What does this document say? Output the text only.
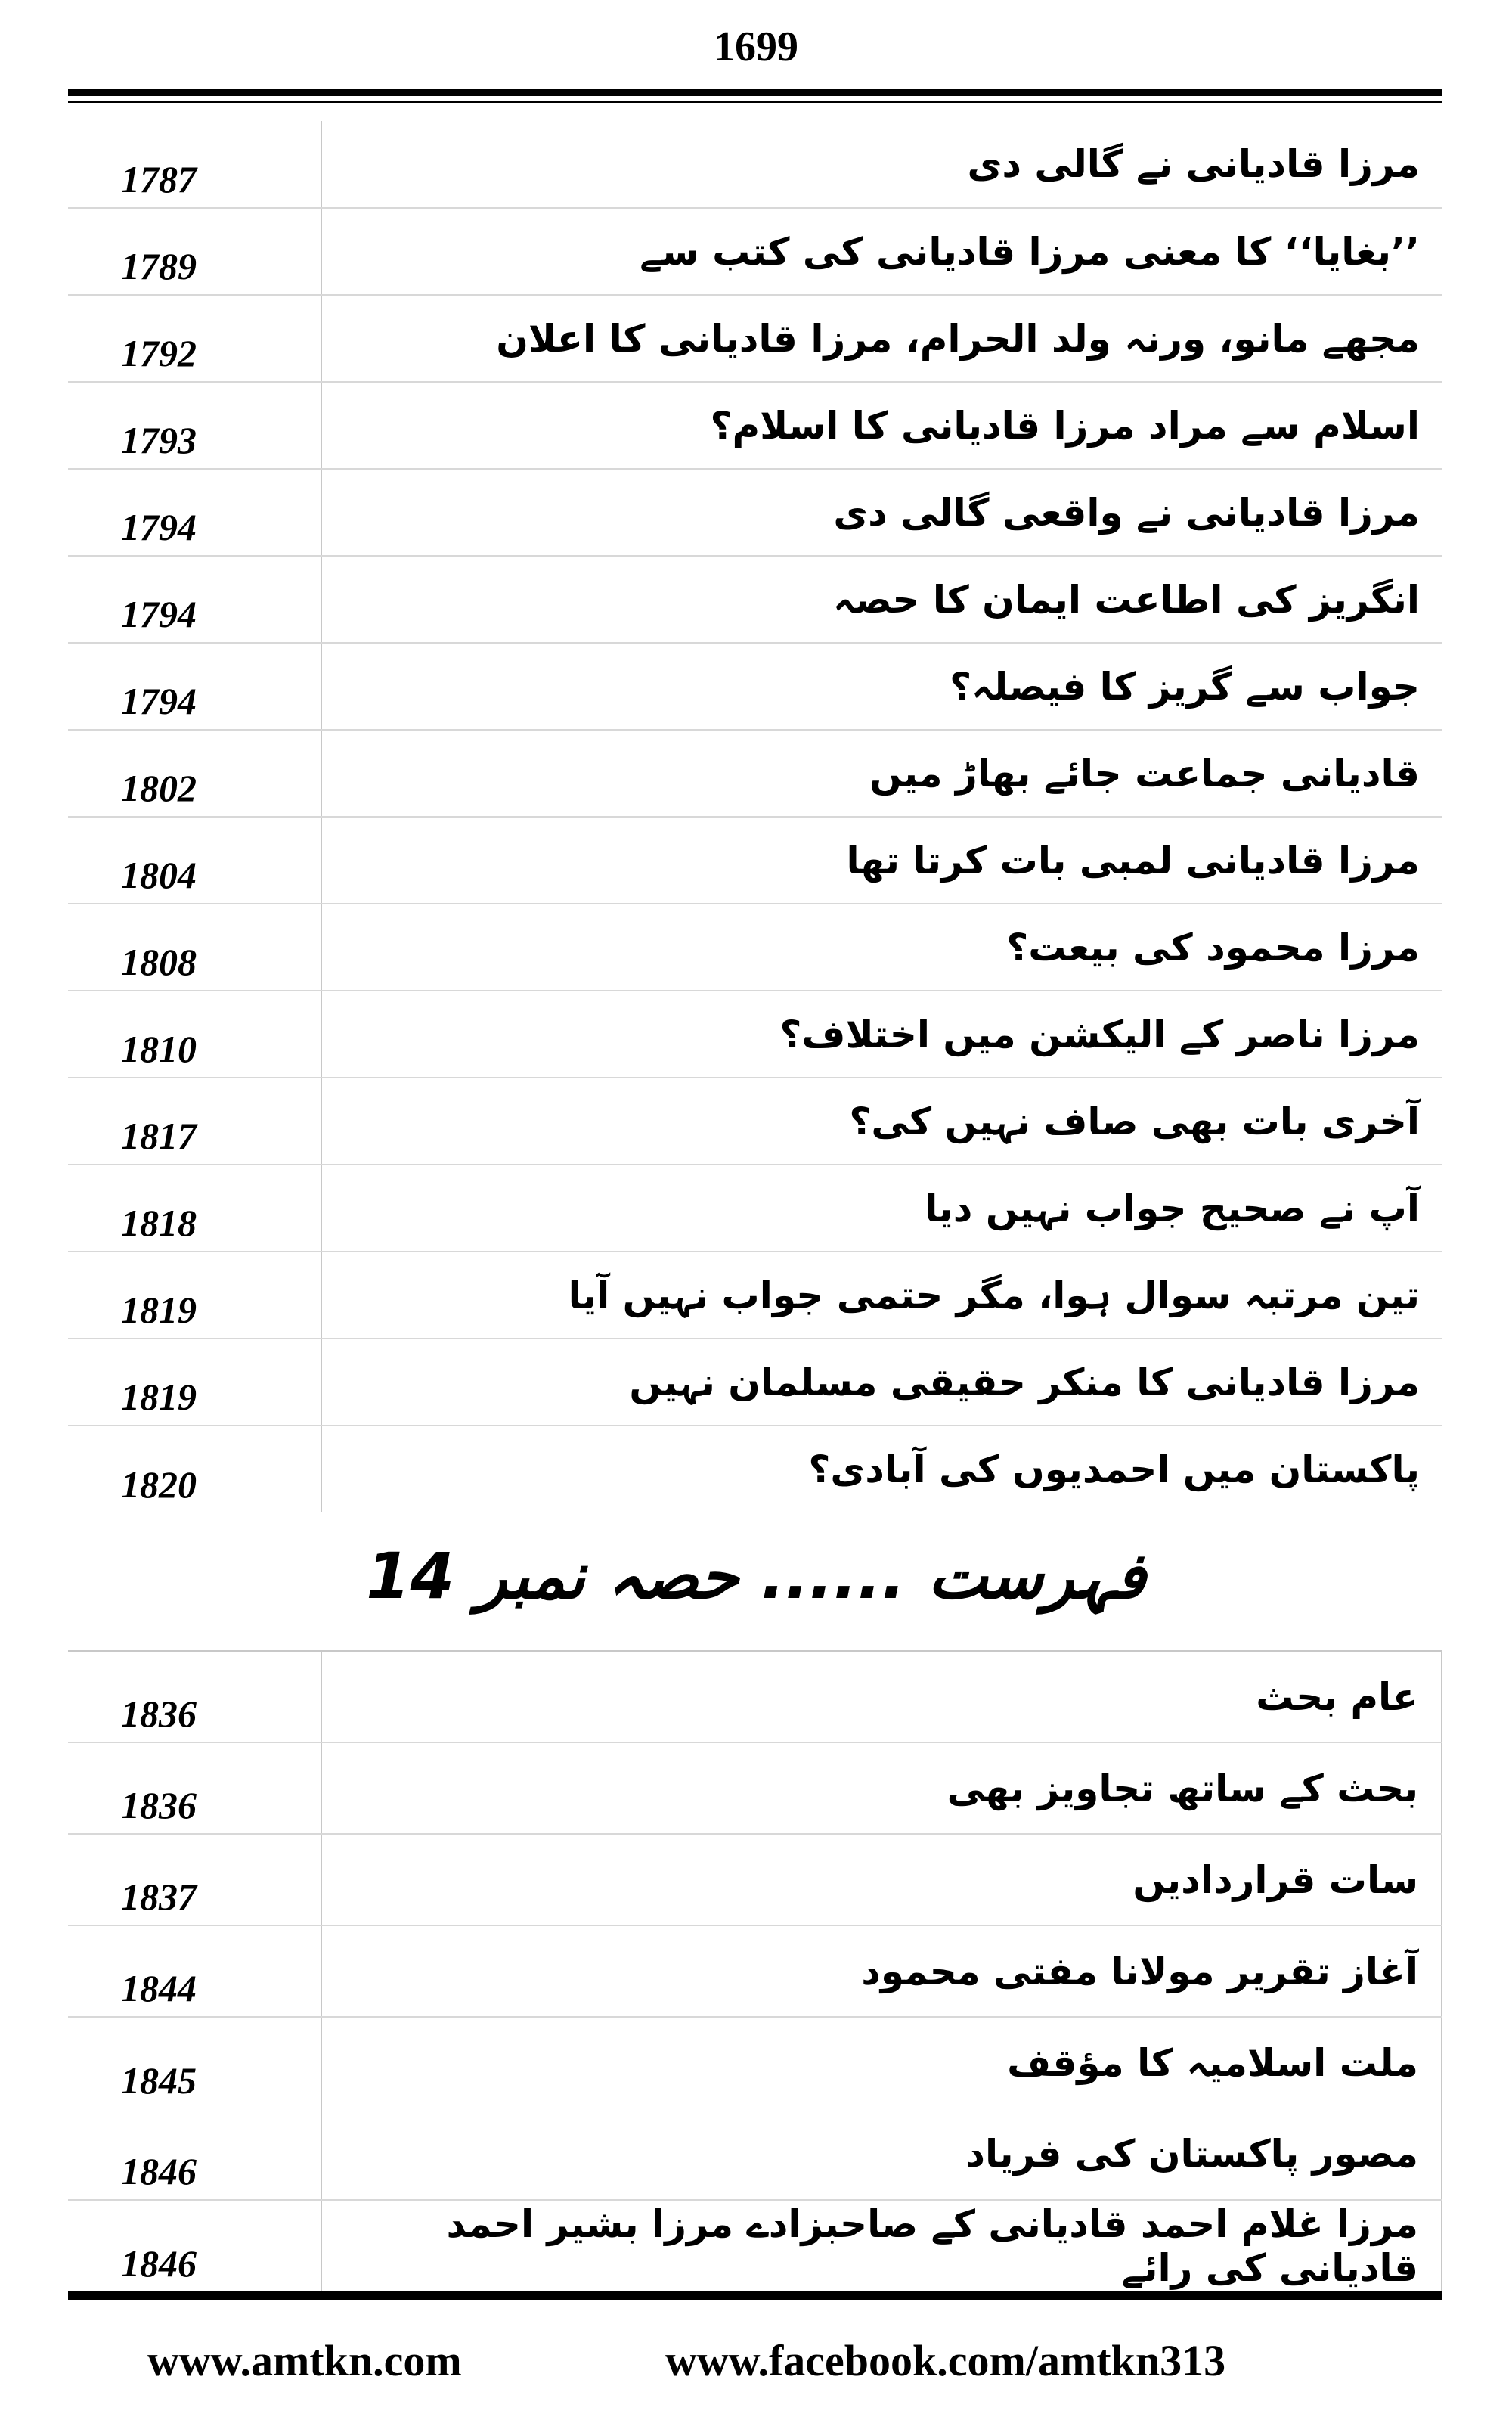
1699
1787	مرزا قادیانی نے گالی دی
1789	’’بغایا‘‘ کا معنی مرزا قادیانی کی کتب سے
1792	مجھے مانو، ورنہ ولد الحرام، مرزا قادیانی کا اعلان
1793	اسلام سے مراد مرزا قادیانی کا اسلام؟
1794	مرزا قادیانی نے واقعی گالی دی
1794	انگریز کی اطاعت ایمان کا حصہ
1794	جواب سے گریز کا فیصلہ؟
1802	قادیانی جماعت جائے بھاڑ میں
1804	مرزا قادیانی لمبی بات کرتا تھا
1808	مرزا محمود کی بیعت؟
1810	مرزا ناصر کے الیکشن میں اختلاف؟
1817	آخری بات بھی صاف نہیں کی؟
1818	آپ نے صحیح جواب نہیں دیا
1819	تین مرتبہ سوال ہوا، مگر حتمی جواب نہیں آیا
1819	مرزا قادیانی کا منکر حقیقی مسلمان نہیں
1820	پاکستان میں احمدیوں کی آبادی؟
فہرست ...... حصہ نمبر 14
1836	عام بحث
1836	بحث کے ساتھ تجاویز بھی
1837	سات قراردادیں
1844	آغاز تقریر مولانا مفتی محمود
1845	ملت اسلامیہ کا مؤقف
1846	مصور پاکستان کی فریاد
1846	مرزا غلام احمد قادیانی کے صاحبزادے مرزا بشیر احمد قادیانی کی رائے
www.amtkn.com	www.facebook.com/amtkn313
